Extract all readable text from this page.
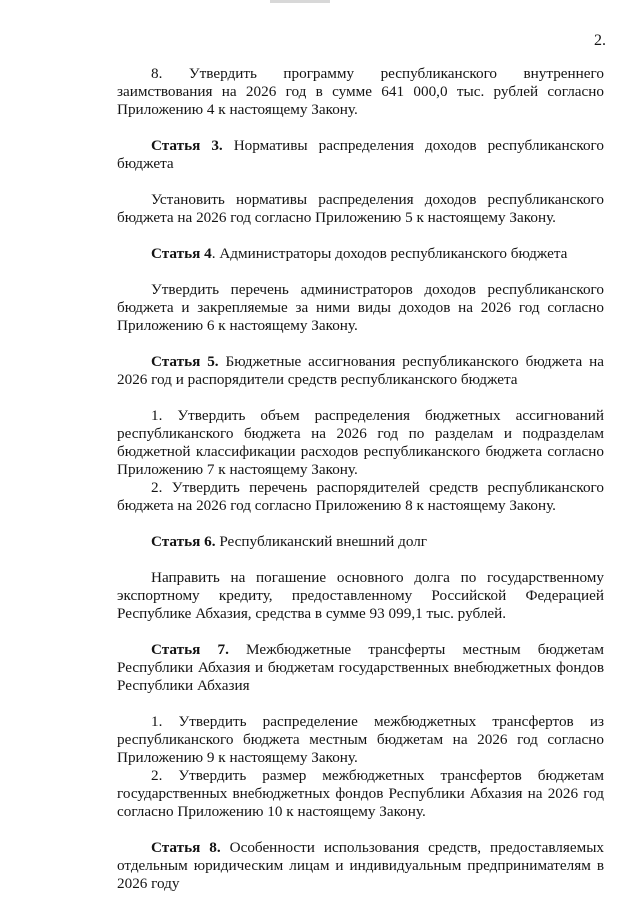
2.

8. Утвердить программу республиканского внутреннего заимствования на 2026 год в сумме 641 000,0 тыс. рублей согласно Приложению 4 к настоящему Закону.

Статья 3. Нормативы распределения доходов республиканского бюджета

Установить нормативы распределения доходов республиканского бюджета на 2026 год согласно Приложению 5 к настоящему Закону.

Статья 4. Администраторы доходов республиканского бюджета

Утвердить перечень администраторов доходов республиканского бюджета и закрепляемые за ними виды доходов на 2026 год согласно Приложению 6 к настоящему Закону.

Статья 5. Бюджетные ассигнования республиканского бюджета на 2026 год и распорядители средств республиканского бюджета

1. Утвердить объем распределения бюджетных ассигнований республиканского бюджета на 2026 год по разделам и подразделам бюджетной классификации расходов республиканского бюджета согласно Приложению 7 к настоящему Закону.

2. Утвердить перечень распорядителей средств республиканского бюджета на 2026 год согласно Приложению 8 к настоящему Закону.

Статья 6. Республиканский внешний долг

Направить на погашение основного долга по государственному экспортному кредиту, предоставленному Российской Федерацией Республике Абхазия, средства в сумме 93 099,1 тыс. рублей.

Статья 7. Межбюджетные трансферты местным бюджетам Республики Абхазия и бюджетам государственных внебюджетных фондов Республики Абхазия

1. Утвердить распределение межбюджетных трансфертов из республиканского бюджета местным бюджетам на 2026 год согласно Приложению 9 к настоящему Закону.

2. Утвердить размер межбюджетных трансфертов бюджетам государственных внебюджетных фондов Республики Абхазия на 2026 год согласно Приложению 10 к настоящему Закону.

Статья 8. Особенности использования средств, предоставляемых отдельным юридическим лицам и индивидуальным предпринимателям в 2026 году
